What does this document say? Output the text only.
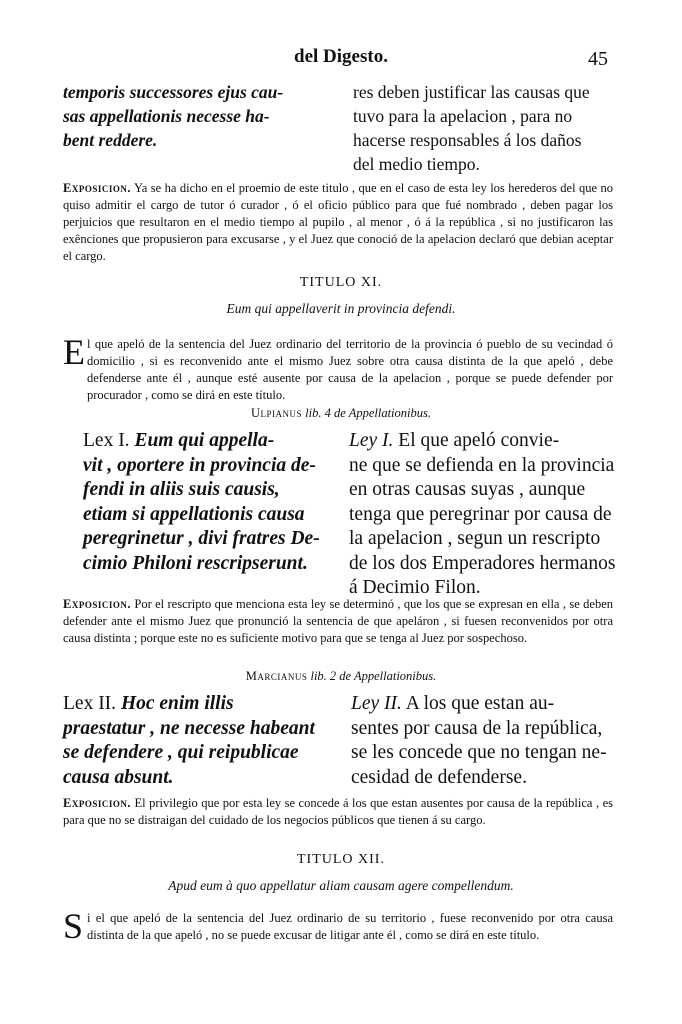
del Digesto.	45
temporis successores ejus cau-
sas appellationis necesse ha-
bent reddere.
res deben justificar las causas que
tuvo para la apelacion , para no
hacerse responsables á los daños
del medio tiempo.
Exposicion. Ya se ha dicho en el proemio de este titulo , que en el caso de esta ley los herederos del que no quiso admitir el cargo de tutor ó curador , ó el oficio público para que fué nombrado , deben pagar los perjuicios que resultaron en el medio tiempo al pupilo , al menor , ó á la república , si no justificaron las exênciones que propusieron para excusarse , y el Juez que conoció de la apelacion declaró que debian aceptar el cargo.
TITULO XI.
Eum qui appellaverit in provincia defendi.
E l que apeló de la sentencia del Juez ordinario del territorio de la provincia ó pueblo de su vecindad ó domicilio , si es reconvenido ante el mismo Juez sobre otra causa distinta de la que apeló , debe defenderse ante él , aunque esté ausente por causa de la apelacion , porque se puede defender por procurador , como se dirá en este título.
Ulpianus lib. 4 de Appellationibus.
Lex I. Eum qui appella-
vit , oportere in provincia de-
fendi in aliis suis causis,
etiam si appellationis causa
peregrinetur , divi fratres De-
cimio Philoni rescripserunt.
Ley I. El que apeló convie-
ne que se defienda en la provincia
en otras causas suyas , aunque
tenga que peregrinar por causa de
la apelacion , segun un rescripto
de los dos Emperadores hermanos
á Decimio Filon.
Exposicion. Por el rescripto que menciona esta ley se determinó , que los que se expresan en ella , se deben defender ante el mismo Juez que pronunció la sentencia de que apeláron , si fuesen reconvenidos por otra causa distinta ; porque este no es suficiente motivo para que se tenga al Juez por sospechoso.
Marcianus lib. 2 de Appellationibus.
Lex II. Hoc enim illis
praestatur , ne necesse habeant
se defendere , qui reipublicae
causa absunt.
Ley II. A los que estan au-
sentes por causa de la república,
se les concede que no tengan ne-
cesidad de defenderse.
Exposicion. El privilegio que por esta ley se concede á los que estan ausentes por causa de la república , es para que no se distraigan del cuidado de los negocios públicos que tienen á su cargo.
TITULO XII.
Apud eum à quo appellatur aliam causam agere compellendum.
S i el que apeló de la sentencia del Juez ordinario de su territorio , fuese reconvenido por otra causa distinta de la que apeló , no se puede excusar de litigar ante él , como se dirá en este título.
